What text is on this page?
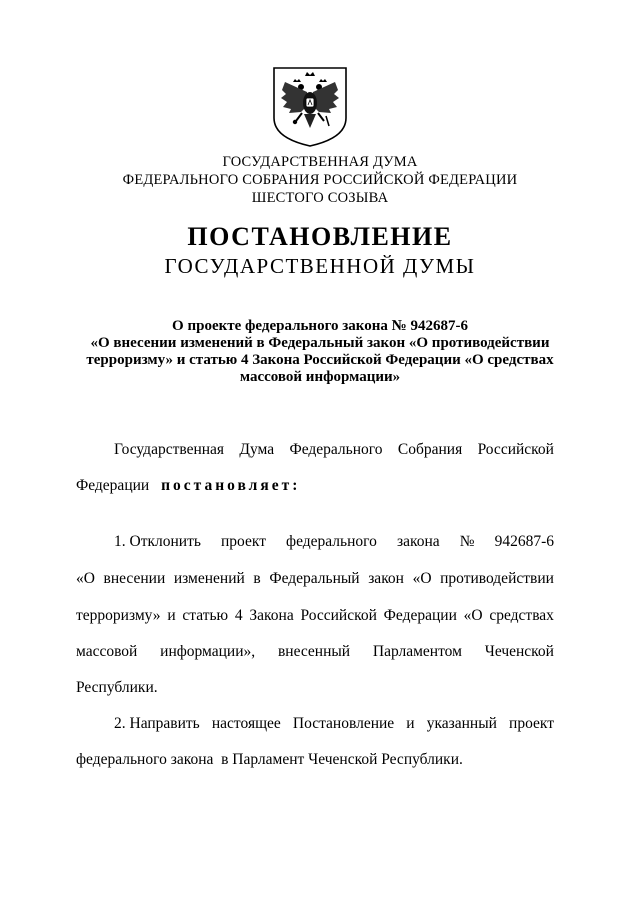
ГОСУДАРСТВЕННАЯ ДУМА
ФЕДЕРАЛЬНОГО СОБРАНИЯ РОССИЙСКОЙ ФЕДЕРАЦИИ
ШЕСТОГО СОЗЫВА
ПОСТАНОВЛЕНИЕ
ГОСУДАРСТВЕННОЙ ДУМЫ
О проекте федерального закона № 942687-6
«О внесении изменений в Федеральный закон «О противодействии
терроризму» и статью 4 Закона Российской Федерации «О средствах
массовой информации»
Государственная Дума Федерального Собрания Российской
Федерации постановляет:
1. Отклонить проект федерального закона № 942687-6
«О внесении изменений в Федеральный закон «О противодействии
терроризму» и статью 4 Закона Российской Федерации «О средствах
массовой информации», внесенный Парламентом Чеченской
Республики.
2. Направить настоящее Постановление и указанный проект
федерального закона  в Парламент Чеченской Республики.
